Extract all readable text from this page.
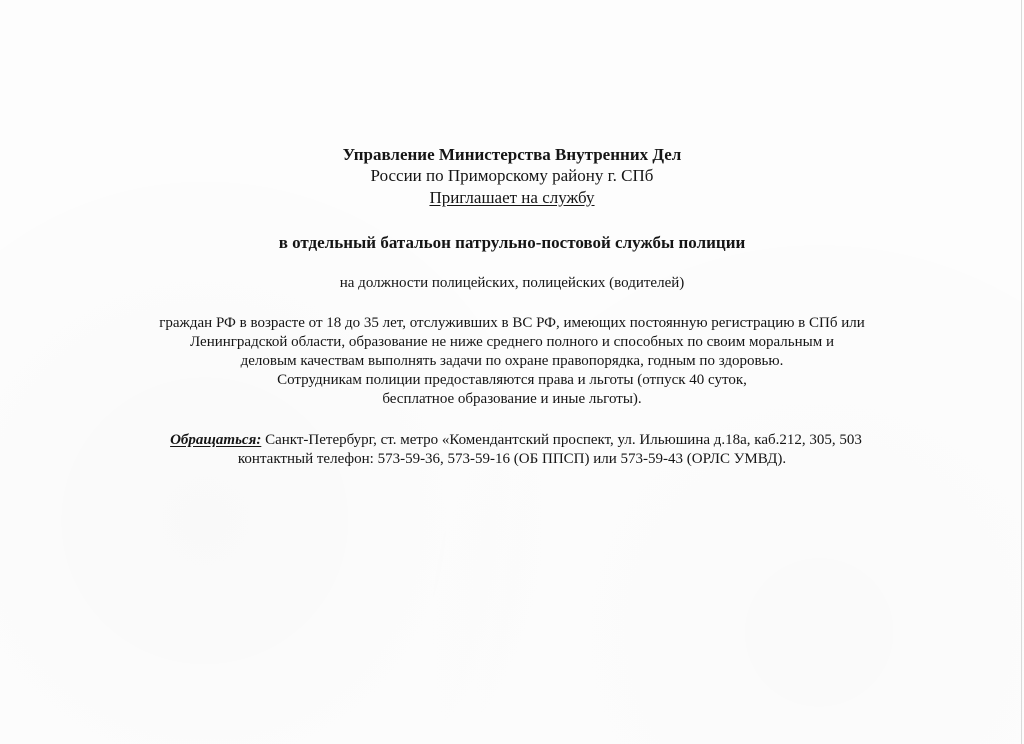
Управление Министерства Внутренних Дел
России по Приморскому району г. СПб
Приглашает на службу
в отдельный батальон патрульно-постовой службы полиции
на должности полицейских, полицейских (водителей)
граждан РФ в возрасте от 18 до 35 лет, отслуживших в ВС РФ, имеющих постоянную регистрацию в СПб или
Ленинградской области, образование не ниже среднего полного и способных по своим моральным и
деловым качествам выполнять задачи по охране правопорядка, годным по здоровью.
Сотрудникам полиции предоставляются права и льготы (отпуск 40 суток,
бесплатное образование и иные льготы).
Обращаться: Санкт-Петербург, ст. метро «Комендантский проспект, ул. Ильюшина д.18а, каб.212, 305, 503
контактный телефон: 573-59-36, 573-59-16 (ОБ ППСП) или 573-59-43 (ОРЛС УМВД).
